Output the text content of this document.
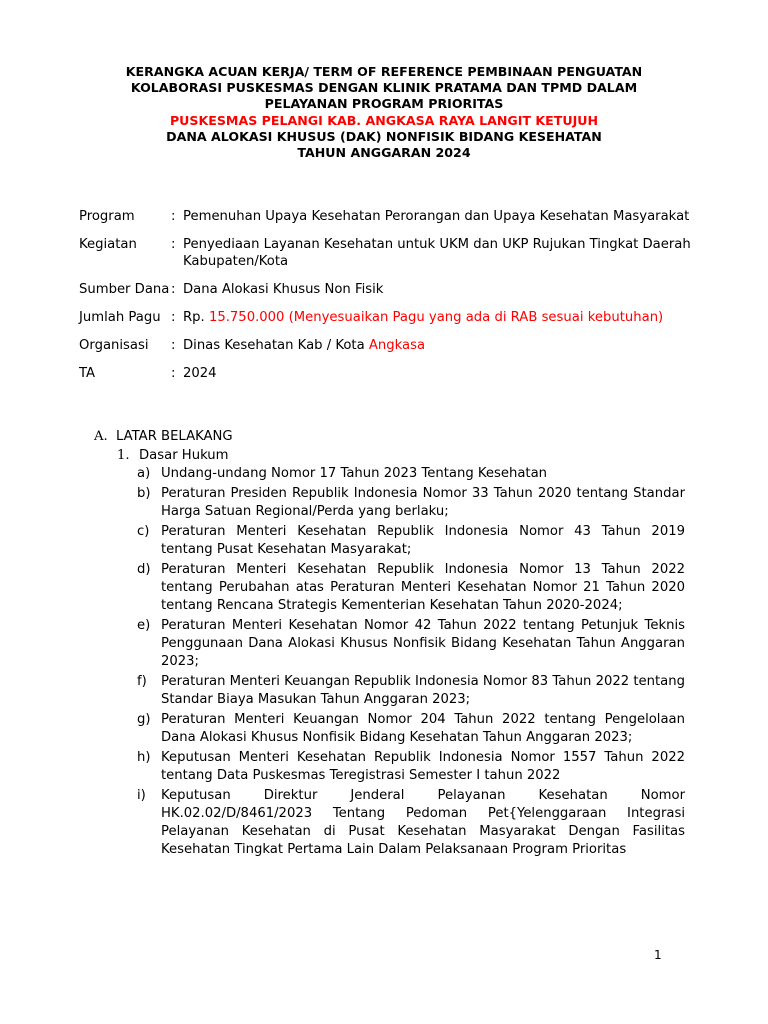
KERANGKA ACUAN KERJA/ TERM OF REFERENCE PEMBINAAN PENGUATAN
KOLABORASI PUSKESMAS DENGAN KLINIK PRATAMA DAN TPMD DALAM
PELAYANAN PROGRAM PRIORITAS
PUSKESMAS PELANGI KAB. ANGKASA RAYA LANGIT KETUJUH
DANA ALOKASI KHUSUS (DAK) NONFISIK BIDANG KESEHATAN
TAHUN ANGGARAN 2024
Program	: Pemenuhan Upaya Kesehatan Perorangan dan Upaya Kesehatan Masyarakat
Kegiatan	: Penyediaan Layanan Kesehatan untuk UKM dan UKP Rujukan Tingkat Daerah Kabupaten/Kota
Sumber Dana : Dana Alokasi Khusus Non Fisik
Jumlah Pagu : Rp. 15.750.000 (Menyesuaikan Pagu yang ada di RAB sesuai kebutuhan)
Organisasi	: Dinas Kesehatan Kab / Kota Angkasa
TA	: 2024
A. LATAR BELAKANG
1. Dasar Hukum
a) Undang-undang Nomor 17 Tahun 2023 Tentang Kesehatan
b) Peraturan Presiden Republik Indonesia Nomor 33 Tahun 2020 tentang Standar Harga Satuan Regional/Perda yang berlaku;
c) Peraturan Menteri Kesehatan Republik Indonesia Nomor 43 Tahun 2019 tentang Pusat Kesehatan Masyarakat;
d) Peraturan Menteri Kesehatan Republik Indonesia Nomor 13 Tahun 2022 tentang Perubahan atas Peraturan Menteri Kesehatan Nomor 21 Tahun 2020 tentang Rencana Strategis Kementerian Kesehatan Tahun 2020-2024;
e) Peraturan Menteri Kesehatan Nomor 42 Tahun 2022 tentang Petunjuk Teknis Penggunaan Dana Alokasi Khusus Nonfisik Bidang Kesehatan Tahun Anggaran 2023;
f)	Peraturan Menteri Keuangan Republik Indonesia Nomor 83 Tahun 2022 tentang Standar Biaya Masukan Tahun Anggaran 2023;
g) Peraturan Menteri Keuangan Nomor 204 Tahun 2022 tentang Pengelolaan Dana Alokasi Khusus Nonfisik Bidang Kesehatan Tahun Anggaran 2023;
h) Keputusan Menteri Kesehatan Republik Indonesia Nomor 1557 Tahun 2022 tentang Data Puskesmas Teregistrasi Semester I tahun 2022
i)	Keputusan Direktur Jenderal Pelayanan Kesehatan Nomor HK.02.02/D/8461/2023 Tentang Pedoman Pet{Yelenggaraan Integrasi Pelayanan Kesehatan di Pusat Kesehatan Masyarakat Dengan Fasilitas Kesehatan Tingkat Pertama Lain Dalam Pelaksanaan Program Prioritas
1
